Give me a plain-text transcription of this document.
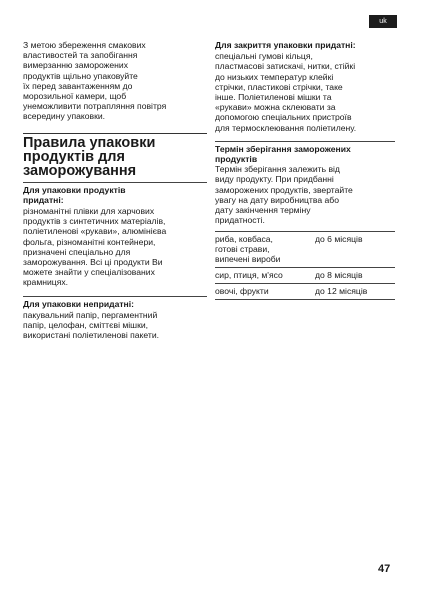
uk

З метою збереження смакових
властивостей та запобігання
вимерзанню заморожених
продуктів щільно упаковуйте
їх перед завантаженням до
морозильної камери, щоб
унеможливити потрапляння повітря
всередину упаковки.

Правила упаковки
продуктів для
заморожування

Для упаковки продуктів
придатні:

різноманітні плівки для харчових
продуктів з синтетичних матеріалів,
поліетиленові «рукави», алюмінієва
фольга, різноманітні контейнери,
призначені спеціально для
заморожування. Всі ці продукти Ви
можете знайти у спеціалізованих
крамницях.

Для упаковки непридатні:

пакувальний папір, пергаментний
папір, целофан, сміттєві мішки,
використані поліетиленові пакети.

Для закриття упаковки придатні:

спеціальні гумові кільця,
пластмасові затискачі, нитки, стійкі
до низьких температур клейкі
стрічки, пластикові стрічки, таке
інше. Поліетиленові мішки та
«рукави» можна склеювати за
допомогою спеціальних пристроїв
для термосклеювання поліетилену.

Термін зберігання заморожених
продуктів

Термін зберігання залежить від
виду продукту. При придбанні
заморожених продуктів, звертайте
увагу на дату виробництва або
дату закінчення терміну
придатності.

риба, ковбаса,
готові страви,
випечені вироби	до 6 місяців
сир, птиця, м'ясо	до 8 місяців
овочі, фрукти	до 12 місяців
47
